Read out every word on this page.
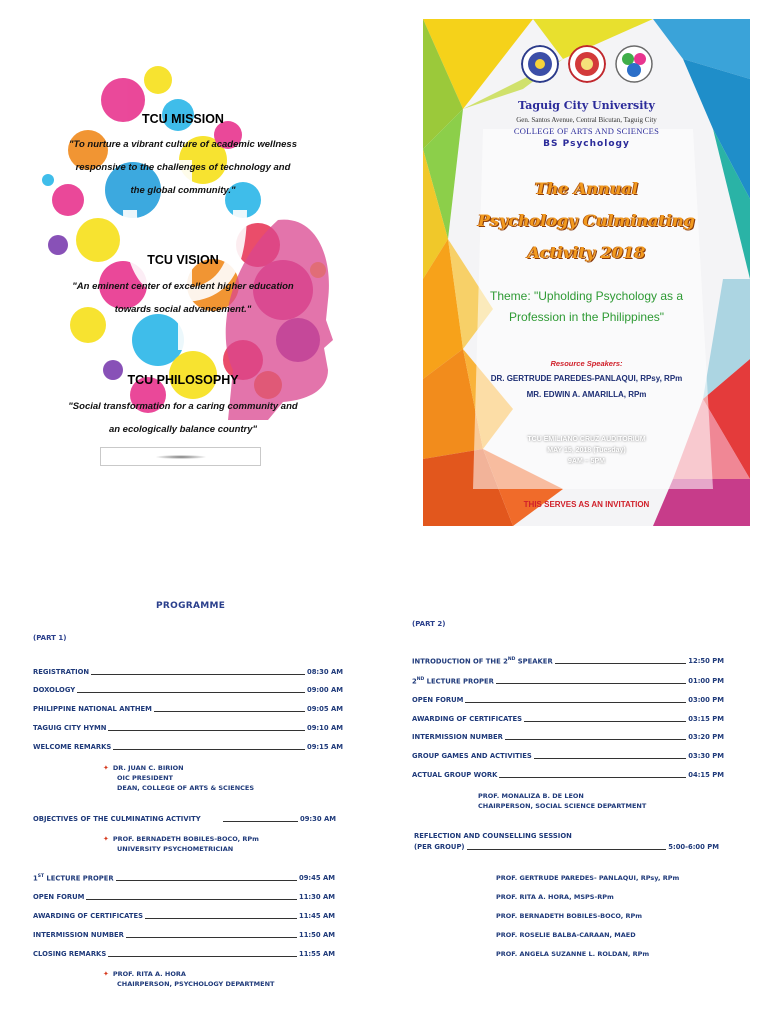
TCU MISSION
"To nurture a vibrant culture of academic wellness
responsive to the challenges of technology and
the global community."
TCU VISION
"An eminent center of excellent higher education
towards social advancement."
TCU PHILOSOPHY
"Social transformation for a caring community and
an ecologically balance country"
Taguig City University
Gen. Santos Avenue, Central Bicutan, Taguig City
COLLEGE OF ARTS AND SCIENCES
BS Psychology
The Annual
Psychology Culminating
Activity 2018
Theme: "Upholding Psychology as a
Profession in the Philippines"
Resource Speakers:
DR. GERTRUDE PAREDES-PANLAQUI, RPsy, RPm
MR. EDWIN A. AMARILLA, RPm
TCU EMILIANO CRUZ AUDITORIUM
MAY 15, 2018 (Tuesday)
9AM – 5PM
THIS SERVES AS AN INVITATION
PROGRAMME
(PART 1)
REGISTRATION	08:30 AM
DOXOLOGY	09:00 AM
PHILIPPINE NATIONAL ANTHEM	09:05 AM
TAGUIG CITY HYMN	09:10 AM
WELCOME REMARKS	09:15 AM
✦ DR. JUAN C. BIRION
OIC PRESIDENT
DEAN, COLLEGE OF ARTS & SCIENCES
OBJECTIVES OF THE CULMINATING ACTIVITY	09:30 AM
✦ PROF. BERNADETH BOBILES-BOCO, RPm
UNIVERSITY PSYCHOMETRICIAN
1ST LECTURE PROPER	09:45 AM
OPEN FORUM	11:30 AM
AWARDING OF CERTIFICATES	11:45 AM
INTERMISSION NUMBER	11:50 AM
CLOSING REMARKS	11:55 AM
✦ PROF. RITA A. HORA
CHAIRPERSON, PSYCHOLOGY DEPARTMENT
(PART 2)
INTRODUCTION OF THE 2ND SPEAKER	12:50 PM
2ND LECTURE PROPER	01:00 PM
OPEN FORUM	03:00 PM
AWARDING OF CERTIFICATES	03:15 PM
INTERMISSION NUMBER	03:20 PM
GROUP GAMES AND ACTIVITIES	03:30 PM
ACTUAL GROUP WORK	04:15 PM
PROF. MONALIZA B. DE LEON
CHAIRPERSON, SOCIAL SCIENCE DEPARTMENT
REFLECTION AND COUNSELLING SESSION
(PER GROUP)	5:00-6:00 PM
PROF. GERTRUDE PAREDES- PANLAQUI, RPsy, RPm
PROF. RITA A. HORA, MSPS-RPm
PROF. BERNADETH BOBILES-BOCO, RPm
PROF. ROSELIE BALBA-CARAAN, MAED
PROF. ANGELA SUZANNE L. ROLDAN, RPm
